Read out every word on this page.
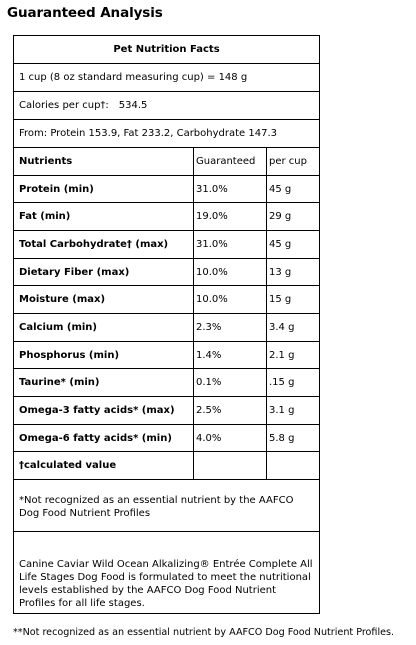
Guaranteed Analysis
Pet Nutrition Facts		
1 cup (8 oz standard measuring cup) = 148 g		
Calories per cup†: 534.5		
From: Protein 153.9, Fat 233.2, Carbohydrate 147.3		
Nutrients	Guaranteed	per cup
Protein (min)	31.0%	45 g
Fat (min)	19.0%	29 g
Total Carbohydrate† (max)	31.0%	45 g
Dietary Fiber (max)	10.0%	13 g
Moisture (max)	10.0%	15 g
Calcium (min)	2.3%	3.4 g
Phosphorus (min)	1.4%	2.1 g
Taurine* (min)	0.1%	.15 g
Omega-3 fatty acids* (max)	2.5%	3.1 g
Omega-6 fatty acids* (min)	4.0%	5.8 g
†calculated value		
*Not recognized as an essential nutrient by the AAFCO Dog Food Nutrient Profiles		
Canine Caviar Wild Ocean Alkalizing® Entrée Complete All Life Stages Dog Food is formulated to meet the nutritional levels established by the AAFCO Dog Food Nutrient Profiles for all life stages.		
**Not recognized as an essential nutrient by AAFCO Dog Food Nutrient Profiles.
